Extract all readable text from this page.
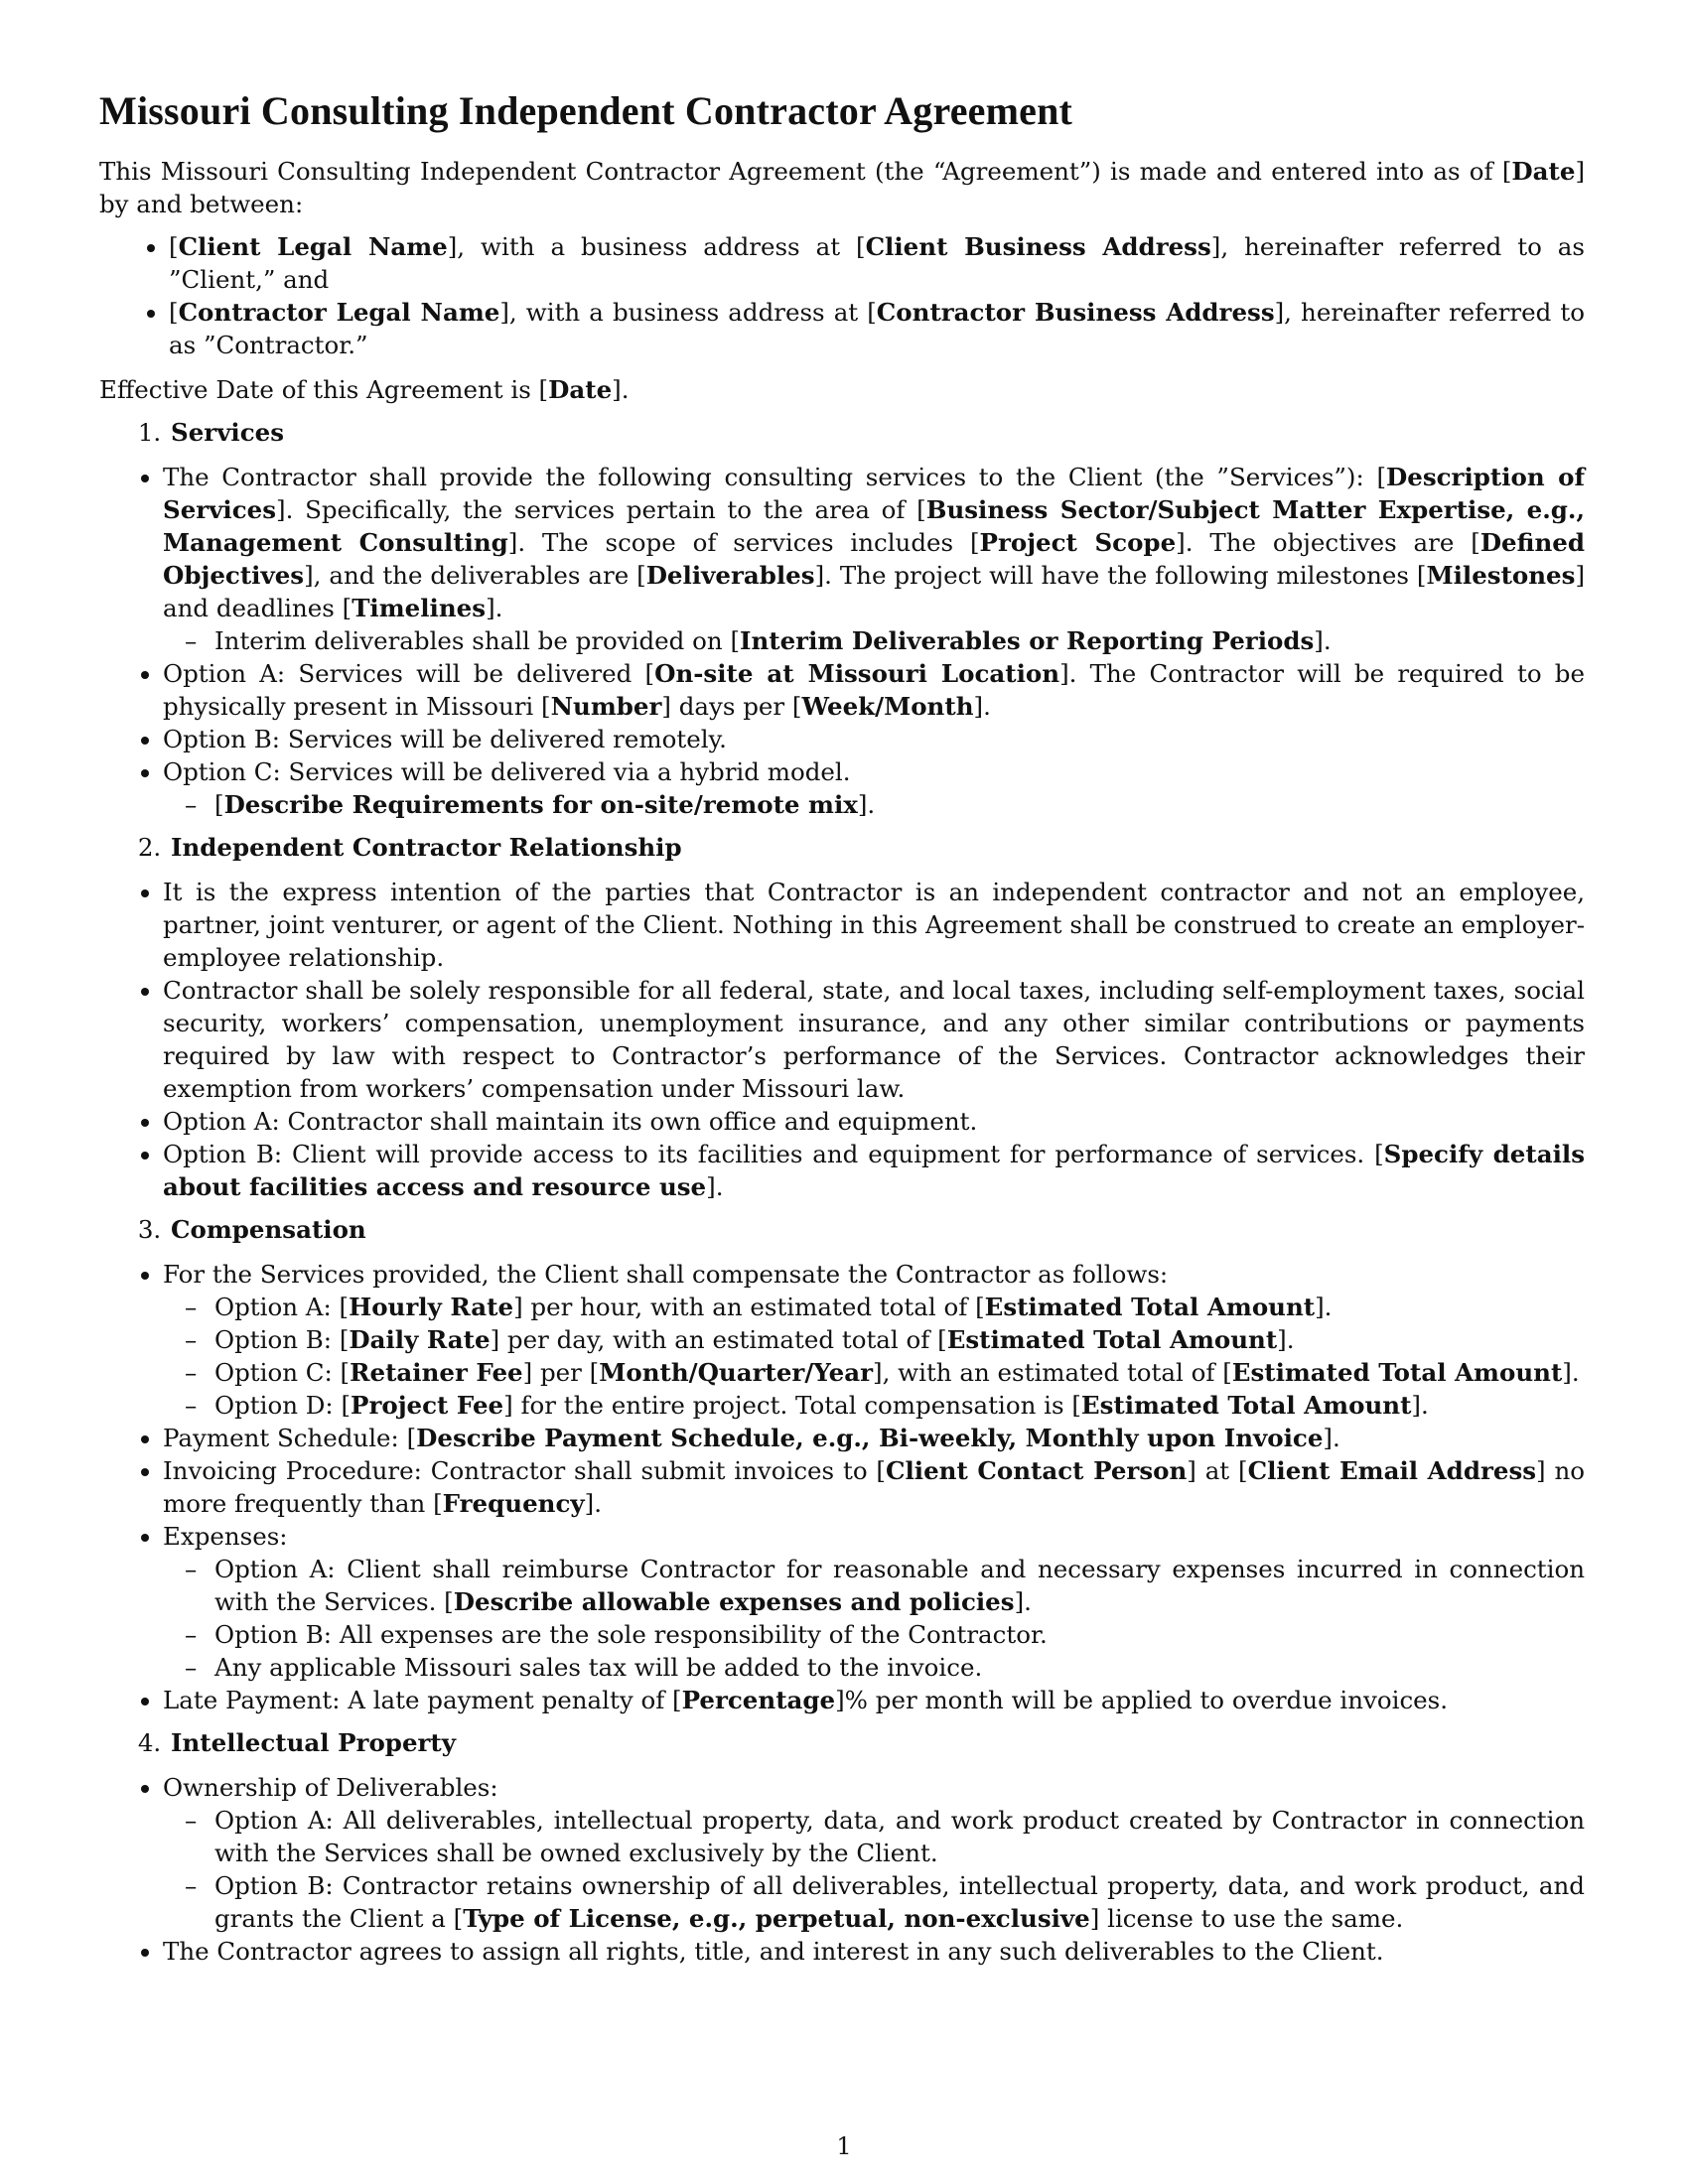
Missouri Consulting Independent Contractor Agreement

This Missouri Consulting Independent Contractor Agreement (the “Agreement”) is made and entered into as of [Date] by and between:

• [Client Legal Name], with a business address at [Client Business Address], hereinafter referred to as ”Client,” and
• [Contractor Legal Name], with a business address at [Contractor Business Address], hereinafter referred to as ”Contractor.”

Effective Date of this Agreement is [Date].

1. Services
• The Contractor shall provide the following consulting services to the Client (the ”Services”): [Description of Services]. Specifically, the services pertain to the area of [Business Sector/Subject Matter Expertise, e.g., Management Consulting]. The scope of services includes [Project Scope]. The objectives are [Defined Objectives], and the deliverables are [Deliverables]. The project will have the following milestones [Milestones] and deadlines [Timelines].
– Interim deliverables shall be provided on [Interim Deliverables or Reporting Periods].
• Option A: Services will be delivered [On-site at Missouri Location]. The Contractor will be required to be physically present in Missouri [Number] days per [Week/Month].
• Option B: Services will be delivered remotely.
• Option C: Services will be delivered via a hybrid model.
– [Describe Requirements for on-site/remote mix].
2. Independent Contractor Relationship
• It is the express intention of the parties that Contractor is an independent contractor and not an employee, partner, joint venturer, or agent of the Client. Nothing in this Agreement shall be construed to create an employer-employee relationship.
• Contractor shall be solely responsible for all federal, state, and local taxes, including self-employment taxes, social security, workers’ compensation, unemployment insurance, and any other similar contributions or payments required by law with respect to Contractor’s performance of the Services. Contractor acknowledges their exemption from workers’ compensation under Missouri law.
• Option A: Contractor shall maintain its own office and equipment.
• Option B: Client will provide access to its facilities and equipment for performance of services. [Specify details about facilities access and resource use].
3. Compensation
• For the Services provided, the Client shall compensate the Contractor as follows:
– Option A: [Hourly Rate] per hour, with an estimated total of [Estimated Total Amount].
– Option B: [Daily Rate] per day, with an estimated total of [Estimated Total Amount].
– Option C: [Retainer Fee] per [Month/Quarter/Year], with an estimated total of [Estimated Total Amount].
– Option D: [Project Fee] for the entire project. Total compensation is [Estimated Total Amount].
• Payment Schedule: [Describe Payment Schedule, e.g., Bi-weekly, Monthly upon Invoice].
• Invoicing Procedure: Contractor shall submit invoices to [Client Contact Person] at [Client Email Address] no more frequently than [Frequency].
• Expenses:
– Option A: Client shall reimburse Contractor for reasonable and necessary expenses incurred in connection with the Services. [Describe allowable expenses and policies].
– Option B: All expenses are the sole responsibility of the Contractor.
– Any applicable Missouri sales tax will be added to the invoice.
• Late Payment: A late payment penalty of [Percentage]% per month will be applied to overdue invoices.
4. Intellectual Property
• Ownership of Deliverables:
– Option A: All deliverables, intellectual property, data, and work product created by Contractor in connection with the Services shall be owned exclusively by the Client.
– Option B: Contractor retains ownership of all deliverables, intellectual property, data, and work product, and grants the Client a [Type of License, e.g., perpetual, non-exclusive] license to use the same.
• The Contractor agrees to assign all rights, title, and interest in any such deliverables to the Client.
1
